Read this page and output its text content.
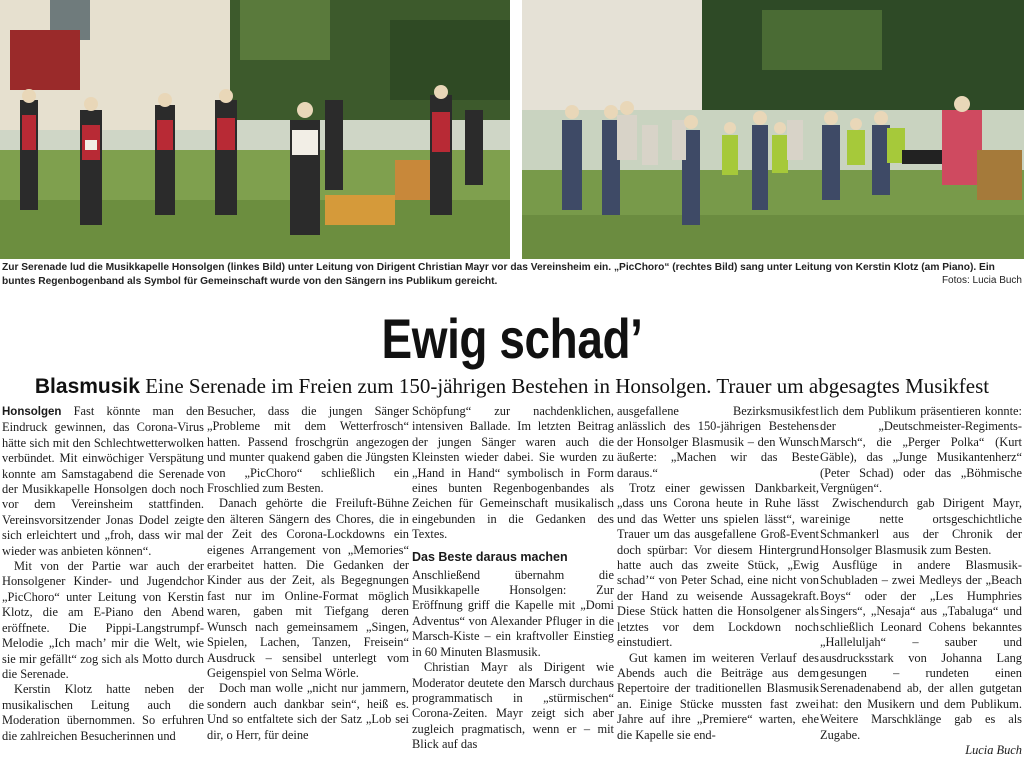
Zur Serenade lud die Musikkapelle Honsolgen (linkes Bild) unter Leitung von Dirigent Christian Mayr vor das Vereinsheim ein. „PicChoro“ (rechtes Bild) sang unter Leitung von Kerstin Klotz (am Piano). Ein buntes Regenbogenband als Symbol für Gemeinschaft wurde von den Sängern ins Publikum gereicht.	Fotos: Lucia Buch
Ewig schad’
Blasmusik Eine Serenade im Freien zum 150-jährigen Bestehen in Honsolgen. Trauer um abgesagtes Musikfest

Honsolgen Fast könnte man den Eindruck gewinnen, das Corona-Virus hätte sich mit den Schlechtwetterwolken verbündet. Mit einwöchiger Verspätung konnte am Samstagabend die Serenade der Musikkapelle Honsolgen doch noch vor dem Vereinsheim stattfinden. Vereinsvorsitzender Jonas Dodel zeigte sich erleichtert und „froh, dass wir mal wieder was anbieten können“.

Mit von der Partie war auch der Honsolgener Kinder- und Jugendchor „PicChoro“ unter Leitung von Kerstin Klotz, die am E-Piano den Abend eröffnete. Die Pippi-Langstrumpf-Melodie „Ich mach’ mir die Welt, wie sie mir gefällt“ zog sich als Motto durch die Serenade.

Kerstin Klotz hatte neben der musikalischen Leitung auch die Moderation übernommen. So erfuhren die zahlreichen Besucherinnen und

Besucher, dass die jungen Sänger „Probleme mit dem Wetterfrosch“ hatten. Passend froschgrün angezogen und munter quakend gaben die Jüngsten von „PicChoro“ schließlich ein Froschlied zum Besten.

Danach gehörte die Freiluft-Bühne den älteren Sängern des Chores, die in der Zeit des Corona-Lockdowns ein eigenes Arrangement von „Memories“ erarbeitet hatten. Die Gedanken der Kinder aus der Zeit, als Begegnungen fast nur im Online-Format möglich waren, gaben mit Tiefgang deren Wunsch nach gemeinsamem „Singen, Spielen, Lachen, Tanzen, Freisein“ Ausdruck – sensibel unterlegt vom Geigenspiel von Selma Wörle.

Doch man wolle „nicht nur jammern, sondern auch dankbar sein“, heiß es. Und so entfaltete sich der Satz „Lob sei dir, o Herr, für deine

Schöpfung“ zur nachdenklichen, intensiven Ballade. Im letzten Beitrag der jungen Sänger waren auch die Kleinsten wieder dabei. Sie wurden zu „Hand in Hand“ symbolisch in Form eines bunten Regenbogenbandes als Zeichen für Gemeinschaft musikalisch eingebunden in die Gedanken des Textes.

Das Beste daraus machen

Anschließend übernahm die Musikkapelle Honsolgen: Zur Eröffnung griff die Kapelle mit „Domi Adventus“ von Alexander Pfluger in die Marsch-Kiste – ein kraftvoller Einstieg in 60 Minuten Blasmusik.

Christian Mayr als Dirigent wie Moderator deutete den Marsch durchaus programmatisch in „stürmischen“ Corona-Zeiten. Mayr zeigt sich aber zugleich pragmatisch, wenn er – mit Blick auf das

ausgefallene Bezirksmusikfest anlässlich des 150-jährigen Bestehens der Honsolger Blasmusik – den Wunsch äußerte: „Machen wir das Beste daraus.“

Trotz einer gewissen Dankbarkeit, „dass uns Corona heute in Ruhe lässt und das Wetter uns spielen lässt“, war Trauer um das ausgefallene Groß-Event doch spürbar: Vor diesem Hintergrund hatte auch das zweite Stück, „Ewig schad’“ von Peter Schad, eine nicht von der Hand zu weisende Aussagekraft. Diese Stück hatten die Honsolgener als letztes vor dem Lockdown noch einstudiert.

Gut kamen im weiteren Verlauf des Abends auch die Beiträge aus dem Repertoire der traditionellen Blasmusik an. Einige Stücke mussten fast zwei Jahre auf ihre „Premiere“ warten, ehe die Kapelle sie end-

lich dem Publikum präsentieren konnte: der „Deutschmeister-Regiments-Marsch“, die „Perger Polka“ (Kurt Gäble), das „Junge Musikantenherz“ (Peter Schad) oder das „Böhmische Vergnügen“.

Zwischendurch gab Dirigent Mayr, einige nette ortsgeschichtliche Schmankerl aus der Chronik der Honsolger Blasmusik zum Besten.

Ausflüge in andere Blasmusik-Schubladen – zwei Medleys der „Beach Boys“ oder der „Les Humphries Singers“, „Nesaja“ aus „Tabaluga“ und schließlich Leonard Cohens bekanntes „Halleluljah“ – sauber und ausdrucksstark von Johanna Lang gesungen – rundeten einen Serenadenabend ab, der allen gutgetan hat: den Musikern und dem Publikum. Weitere Marschklänge gab es als Zugabe.

Lucia Buch
